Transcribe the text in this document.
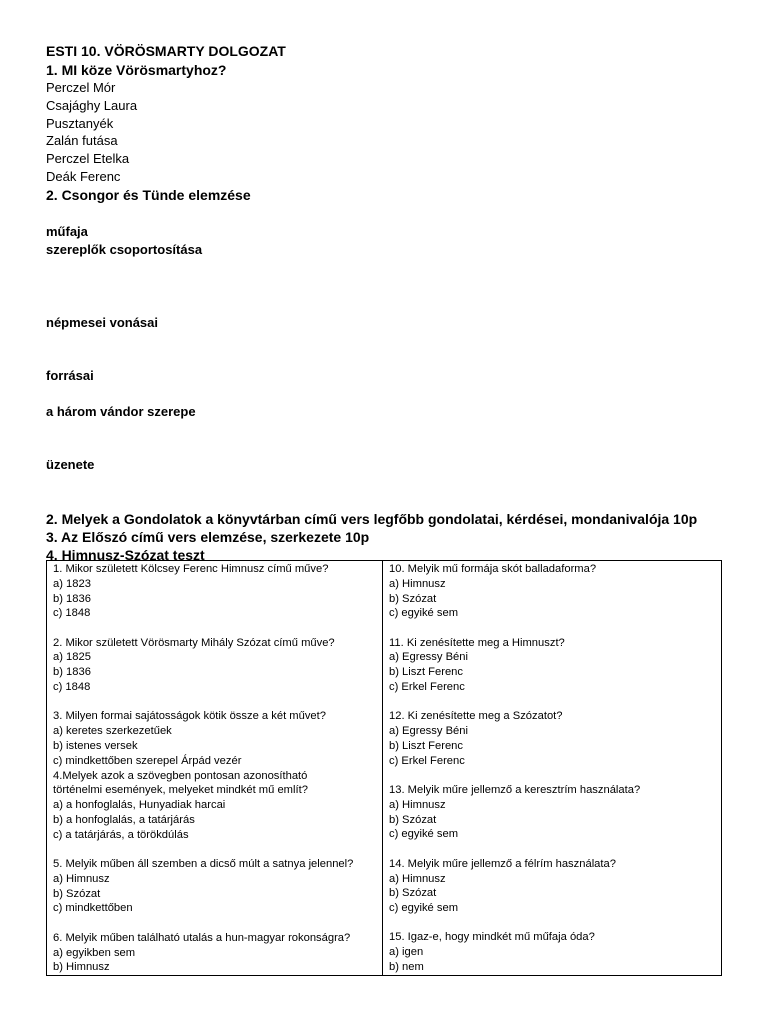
ESTI 10. VÖRÖSMARTY DOLGOZAT
1. MI köze Vörösmartyhoz?
Perczel Mór
Csajághy Laura
Pusztanyék
Zalán futása
Perczel Etelka
Deák Ferenc
2. Csongor és Tünde elemzése
műfaja
szereplők csoportosítása
népmesei vonásai
forrásai
a három vándor szerepe
üzenete
2. Melyek a Gondolatok a könyvtárban című vers legfőbb gondolatai, kérdései, mondanivalója 10p
3. Az Előszó című vers elemzése, szerkezete 10p
4. Himnusz-Szózat teszt
1. Mikor született Kölcsey Ferenc Himnusz című műve?
a) 1823
b) 1836
c) 1848
2. Mikor született Vörösmarty Mihály Szózat című műve?
a) 1825
b) 1836
c) 1848
3. Milyen formai sajátosságok kötik össze a két művet?
a) keretes szerkezetűek
b) istenes versek
c) mindkettőben szerepel Árpád vezér
4.Melyek azok a szövegben pontosan azonosítható
történelmi események, melyeket mindkét mű említ?
a) a honfoglalás, Hunyadiak harcai
b) a honfoglalás, a tatárjárás
c) a tatárjárás, a törökdúlás
5. Melyik műben áll szemben a dicső múlt a satnya jelennel?
a) Himnusz
b) Szózat
c) mindkettőben
6. Melyik műben található utalás a hun-magyar rokonságra?
a) egyikben sem
b) Himnusz
10. Melyik mű formája skót balladaforma?
a) Himnusz
b) Szózat
c) egyiké sem
11. Ki zenésítette meg a Himnuszt?
a) Egressy Béni
b) Liszt Ferenc
c) Erkel Ferenc
12. Ki zenésítette meg a Szózatot?
a) Egressy Béni
b) Liszt Ferenc
c) Erkel Ferenc
13. Melyik műre jellemző a keresztrím használata?
a) Himnusz
b) Szózat
c) egyiké sem
14. Melyik műre jellemző a félrím használata?
a) Himnusz
b) Szózat
c) egyiké sem
15. Igaz-e, hogy mindkét mű műfaja óda?
a) igen
b) nem
